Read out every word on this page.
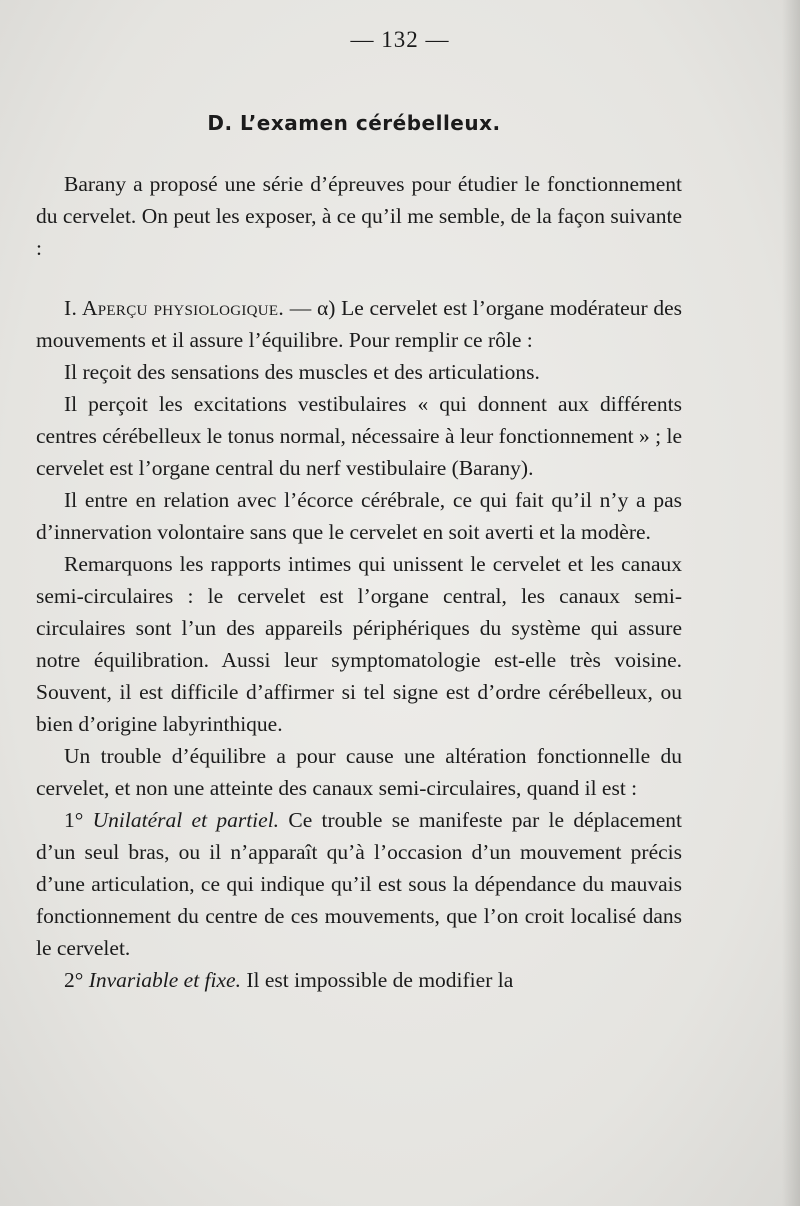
— 132 —
D. L’examen cérébelleux.

Barany a proposé une série d’épreuves pour étudier le fonctionnement du cervelet. On peut les exposer, à ce qu’il me semble, de la façon suivante :

I. Aperçu physiologique. — α) Le cervelet est l’organe modérateur des mouvements et il assure l’équilibre. Pour remplir ce rôle :

Il reçoit des sensations des muscles et des articulations.

Il perçoit les excitations vestibulaires « qui donnent aux différents centres cérébelleux le tonus normal, nécessaire à leur fonctionnement » ; le cervelet est l’organe central du nerf vestibulaire (Barany).

Il entre en relation avec l’écorce cérébrale, ce qui fait qu’il n’y a pas d’innervation volontaire sans que le cervelet en soit averti et la modère.

Remarquons les rapports intimes qui unissent le cervelet et les canaux semi-circulaires : le cervelet est l’organe central, les canaux semi-circulaires sont l’un des appareils périphériques du système qui assure notre équilibration. Aussi leur symptomatologie est-elle très voisine. Souvent, il est difficile d’affirmer si tel signe est d’ordre cérébelleux, ou bien d’origine labyrinthique.

Un trouble d’équilibre a pour cause une altération fonctionnelle du cervelet, et non une atteinte des canaux semi-circulaires, quand il est :

1° Unilatéral et partiel. Ce trouble se manifeste par le déplacement d’un seul bras, ou il n’apparaît qu’à l’occasion d’un mouvement précis d’une articulation, ce qui indique qu’il est sous la dépendance du mauvais fonctionnement du centre de ces mouvements, que l’on croit localisé dans le cervelet.

2° Invariable et fixe. Il est impossible de modifier la
